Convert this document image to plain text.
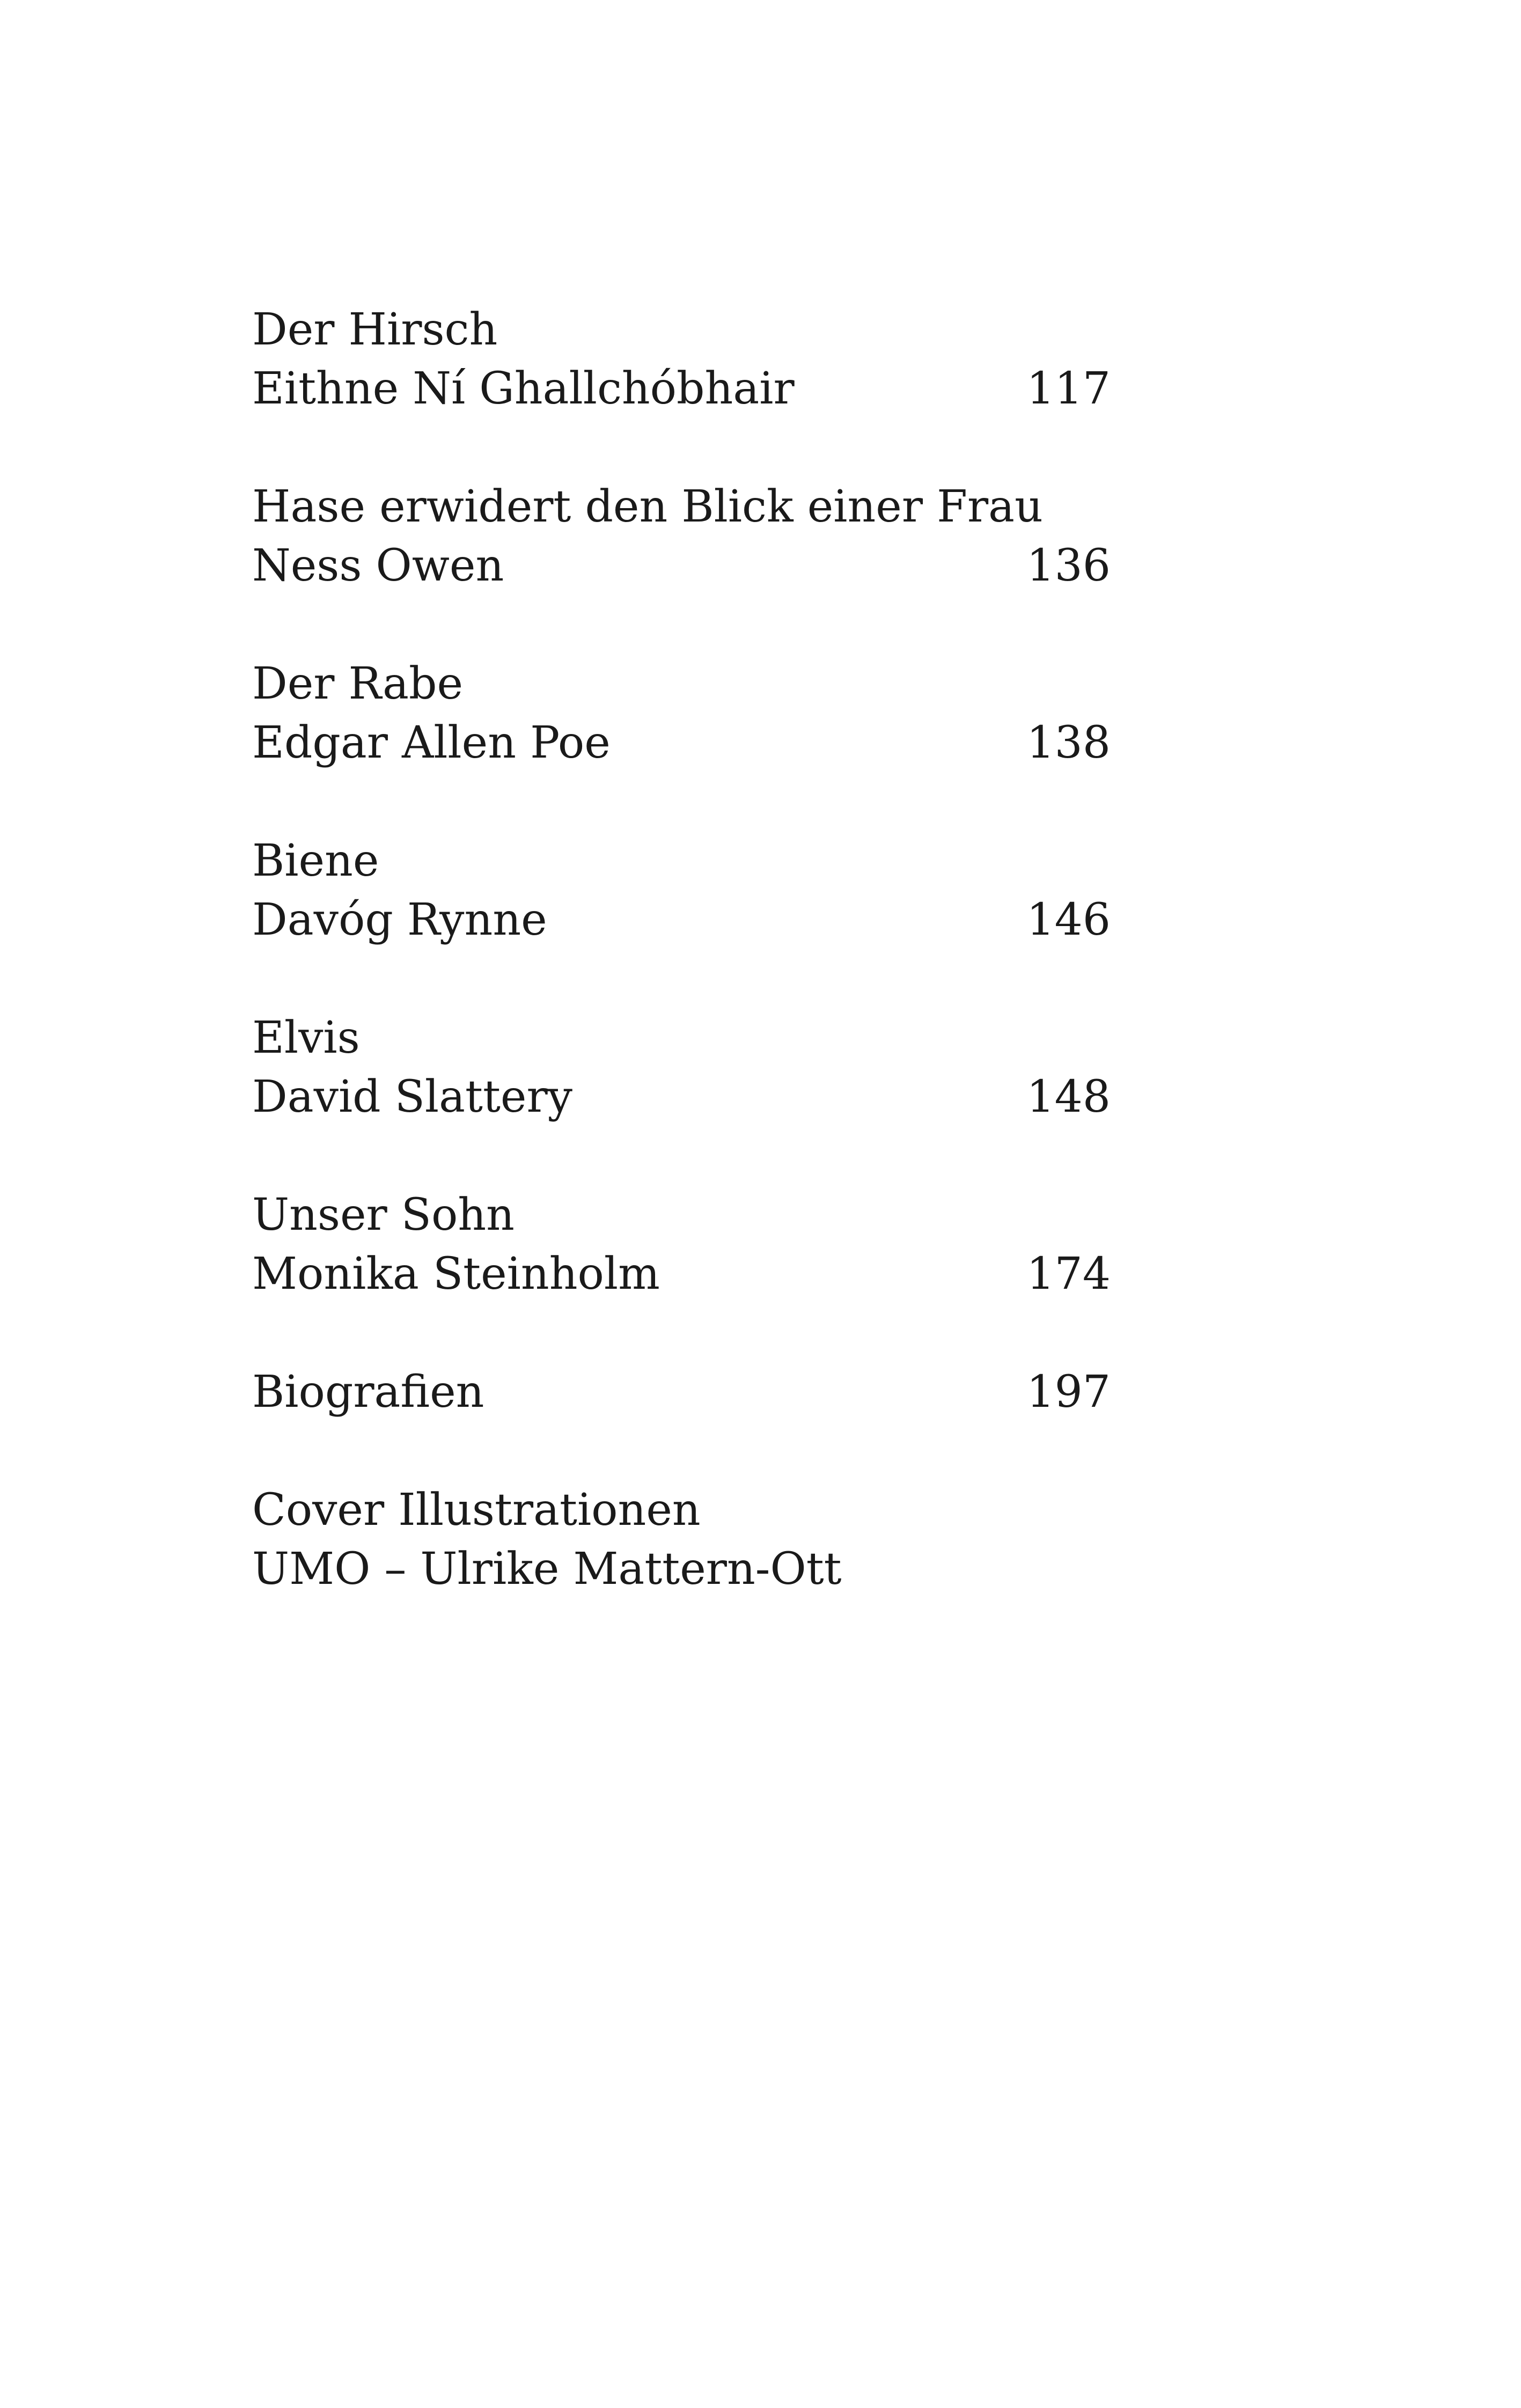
Der Hirsch
Eithne Ní Ghallchóbhair	117
Hase erwidert den Blick einer Frau
Ness Owen	136
Der Rabe
Edgar Allen Poe	138
Biene
Davóg Rynne	146
Elvis
David Slattery	148
Unser Sohn
Monika Steinholm	174
Biografien	197
Cover Illustrationen
UMO – Ulrike Mattern-Ott
